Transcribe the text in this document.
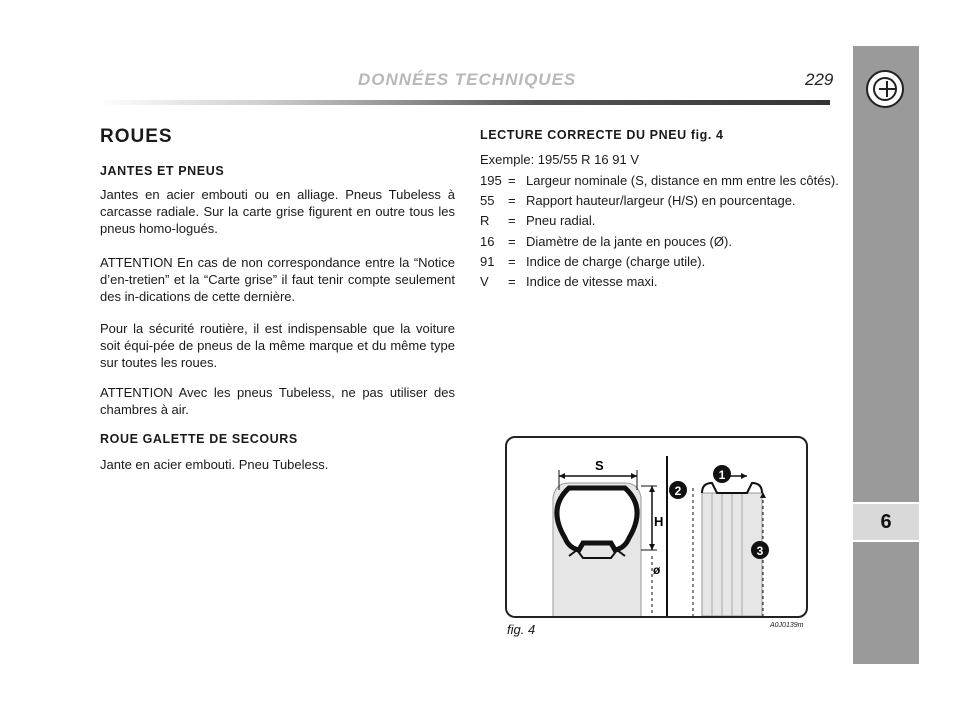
DONNÉES TECHNIQUES	229
6
ROUES
JANTES ET PNEUS
Jantes en acier embouti ou en alliage. Pneus Tubeless à carcasse radiale. Sur la carte grise figurent en outre tous les pneus homo-logués.
ATTENTION En cas de non correspondance entre la “Notice d’en-tretien” et la “Carte grise” il faut tenir compte seulement des in-dications de cette dernière.
Pour la sécurité routière, il est indispensable que la voiture soit équi-pée de pneus de la même marque et du même type sur toutes les roues.
ATTENTION Avec les pneus Tubeless, ne pas utiliser des chambres à air.
ROUE GALETTE DE SECOURS
Jante en acier embouti. Pneu Tubeless.
LECTURE CORRECTE DU PNEU fig. 4
Exemple: 195/55 R 16 91 V
195 = Largeur nominale (S, distance en mm entre les côtés).
55 = Rapport hauteur/largeur (H/S) en pourcentage.
R = Pneu radial.
16 = Diamètre de la jante en pouces (Ø).
91 = Indice de charge (charge utile).
V = Indice de vitesse maxi.
S
H
ø
1
2
3
fig. 4	A0J0139m
